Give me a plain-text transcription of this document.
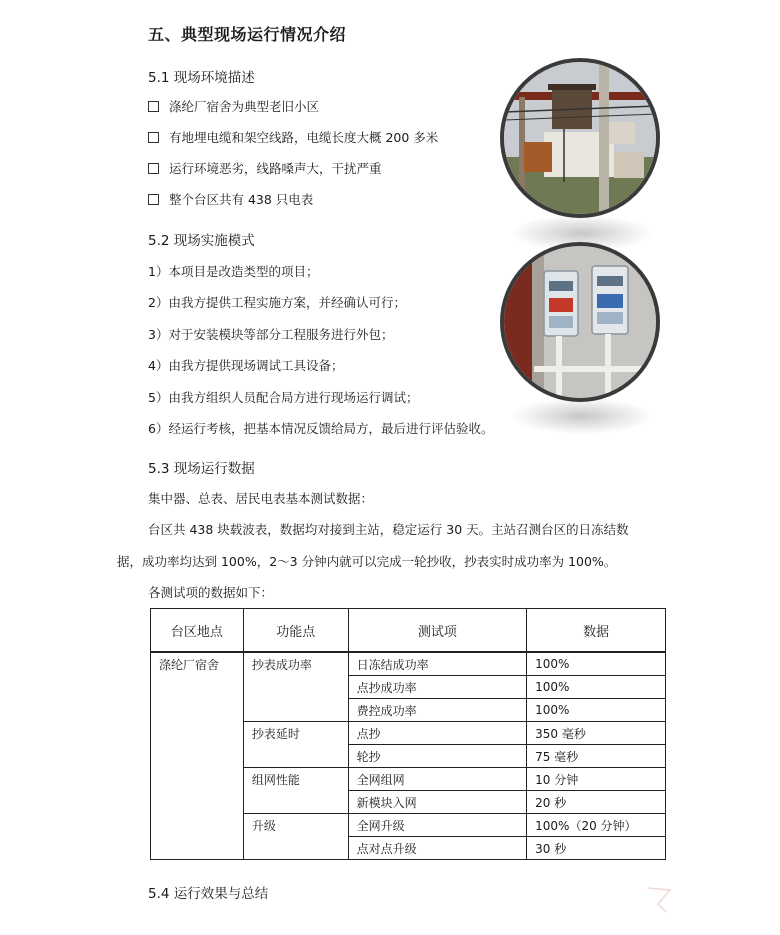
五、典型现场运行情况介绍
5.1 现场环境描述
涤纶厂宿舍为典型老旧小区
有地埋电缆和架空线路，电缆长度大概 200 多米
运行环境恶劣，线路嗓声大，干扰严重
整个台区共有 438 只电表
5.2 现场实施模式
1）本项目是改造类型的项目；
2）由我方提供工程实施方案，并经确认可行；
3）对于安装模块等部分工程服务进行外包；
4）由我方提供现场调试工具设备；
5）由我方组织人员配合局方进行现场运行调试；
6）经运行考核，把基本情况反馈给局方，最后进行评估验收。
5.3 现场运行数据
集中器、总表、居民电表基本测试数据：
台区共 438 块载波表，数据均对接到主站，稳定运行 30 天。主站召测台区的日冻结数
据，成功率均达到 100%，2～3 分钟内就可以完成一轮抄收，抄表实时成功率为 100%。
各测试项的数据如下：
台区地点	功能点	测试项	数据
涤纶厂宿舍	抄表成功率	日冻结成功率	100%
		点抄成功率	100%
		费控成功率	100%
	抄表延时	点抄	350 毫秒
		轮抄	75 毫秒
	组网性能	全网组网	10 分钟
		新模块入网	20 秒
	升级	全网升级	100%（20 分钟）
		点对点升级	30 秒
5.4 运行效果与总结
